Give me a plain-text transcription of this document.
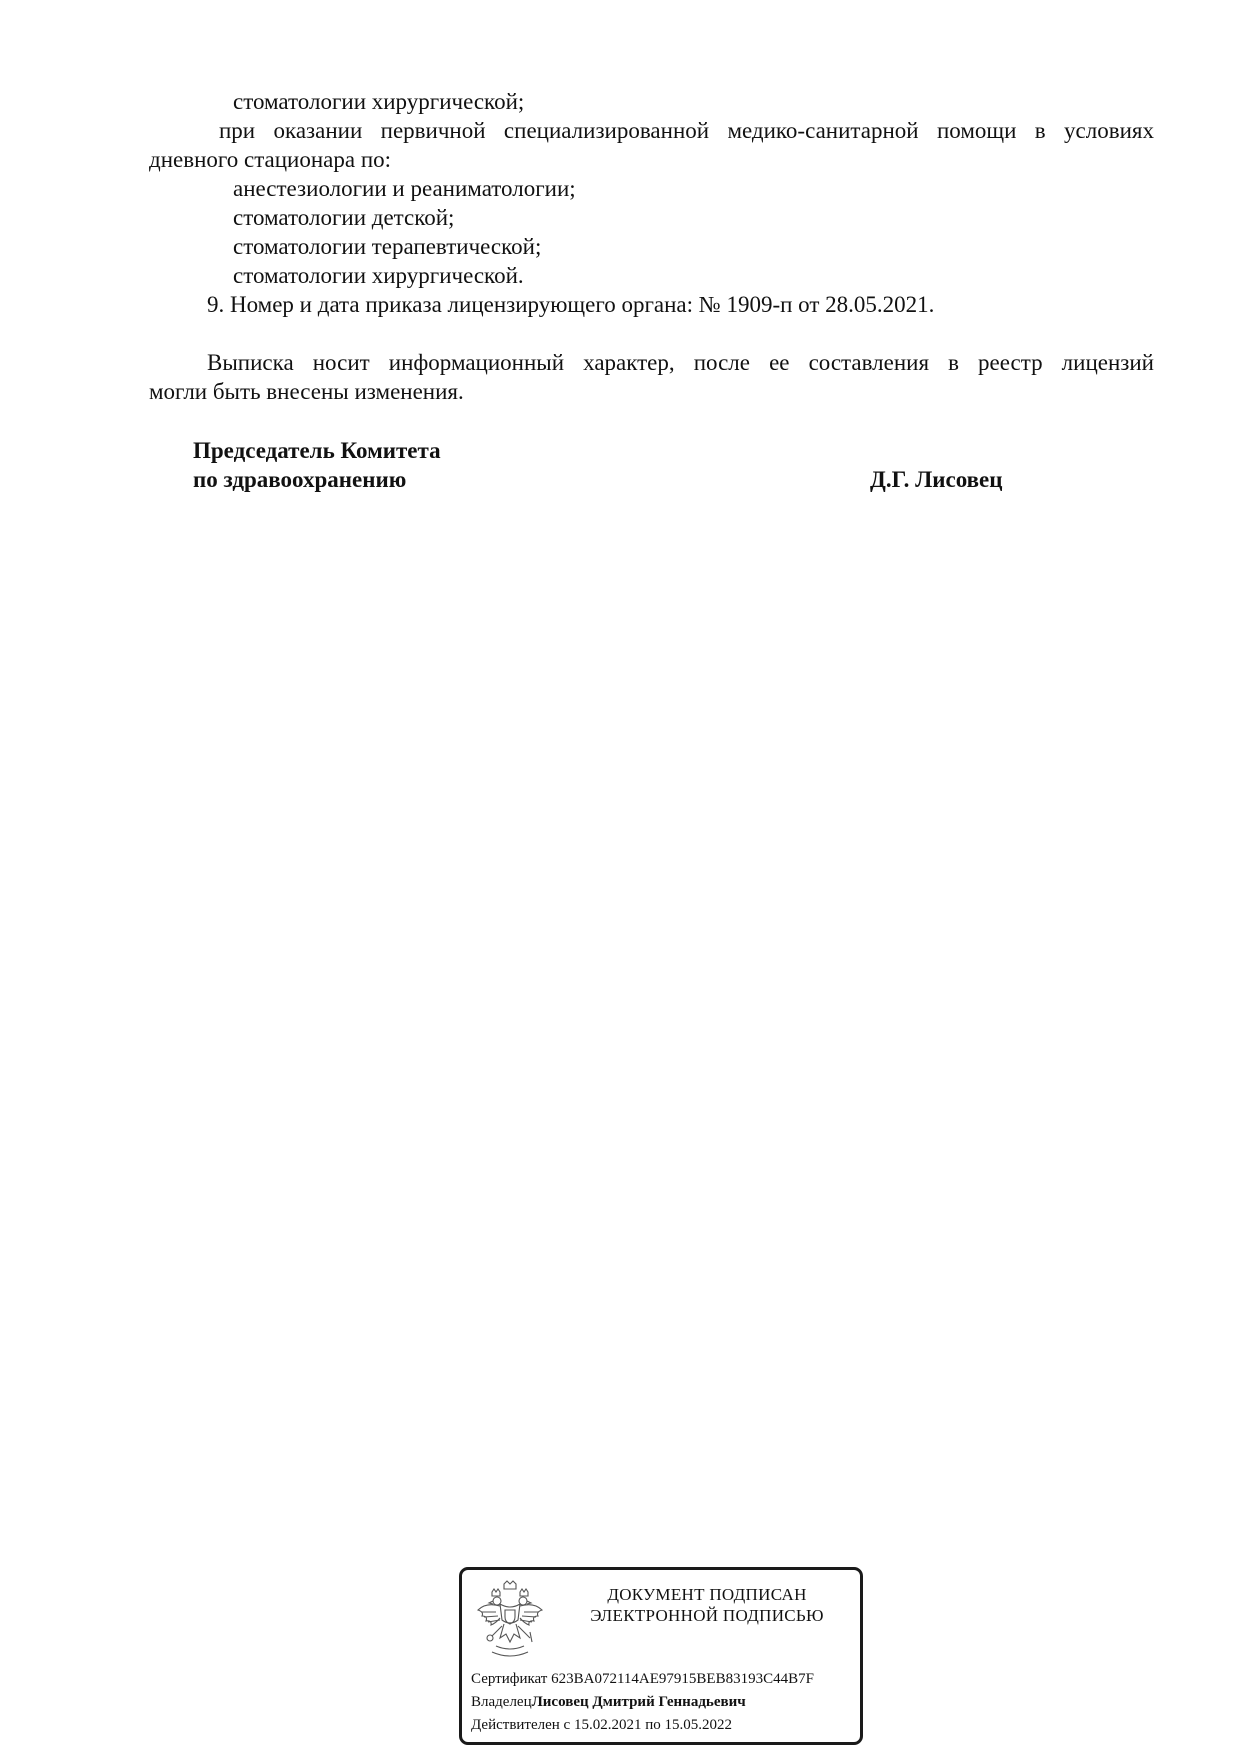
стоматологии хирургической;
при оказании первичной специализированной медико-санитарной помощи в условиях
дневного стационара по:
анестезиологии и реаниматологии;
стоматологии детской;
стоматологии терапевтической;
стоматологии хирургической.
9. Номер и дата приказа лицензирующего органа: № 1909-п от 28.05.2021.
Выписка носит информационный характер, после ее составления в реестр лицензий
могли быть внесены изменения.
Председатель Комитета
по здравоохранению	Д.Г. Лисовец
ДОКУМЕНТ ПОДПИСАН
ЭЛЕКТРОННОЙ ПОДПИСЬЮ
Сертификат 623BA072114AE97915BEB83193C44B7F
ВладелецЛисовец Дмитрий Геннадьевич
Действителен с 15.02.2021 по 15.05.2022
